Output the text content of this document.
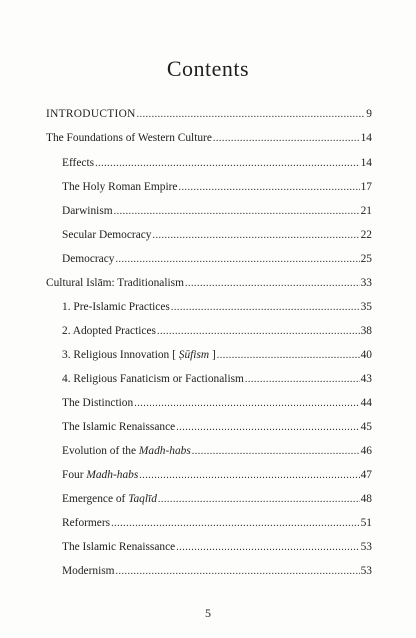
Contents
INTRODUCTION .....	9
The Foundations of Western Culture .....	14
Effects .....	14
The Holy Roman Empire .....	17
Darwinism .....	21
Secular Democracy .....	22
Democracy .....	25
Cultural Islām: Traditionalism .....	33
1. Pre-Islamic Practices .....	35
2. Adopted Practices .....	38
3. Religious Innovation [ Ṣūfism ] .....	40
4. Religious Fanaticism or Factionalism .....	43
The Distinction .....	44
The Islamic Renaissance .....	45
Evolution of the Madh-habs .....	46
Four Madh-habs .....	47
Emergence of Taqlīd .....	48
Reformers .....	51
The Islamic Renaissance .....	53
Modernism .....	53
5
